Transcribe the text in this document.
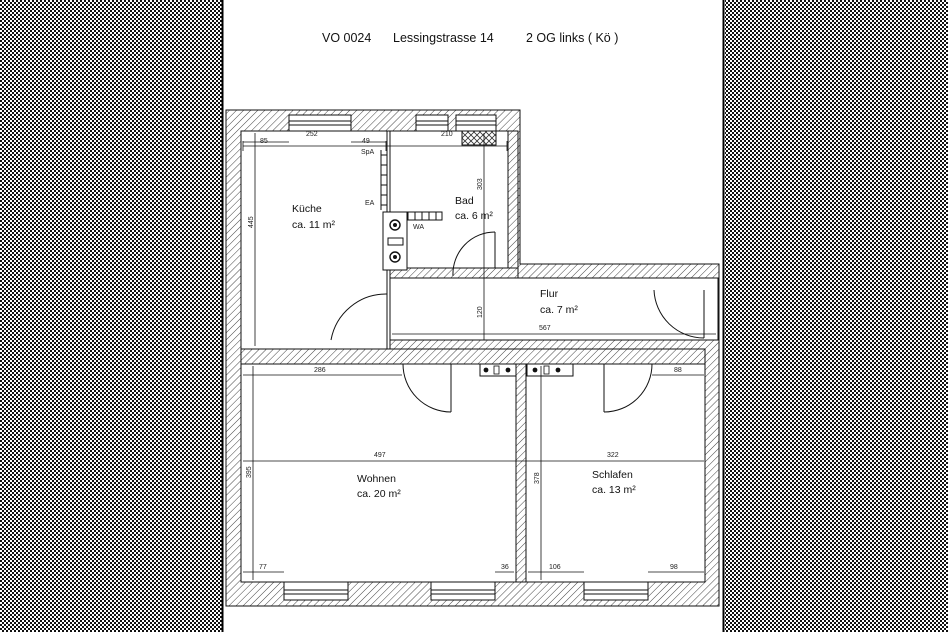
VO 0024 Lessingstrasse 14	2 OG links ( Kö )
85	49
252	210
445
303
120
567
286	88
395
378
497	322
77	36	106	98
SpA
EA
WA
Küche
ca. 11 m²
Bad
ca. 6 m²
Flur
ca. 7 m²
Wohnen
ca. 20 m²
Schlafen
ca. 13 m²
